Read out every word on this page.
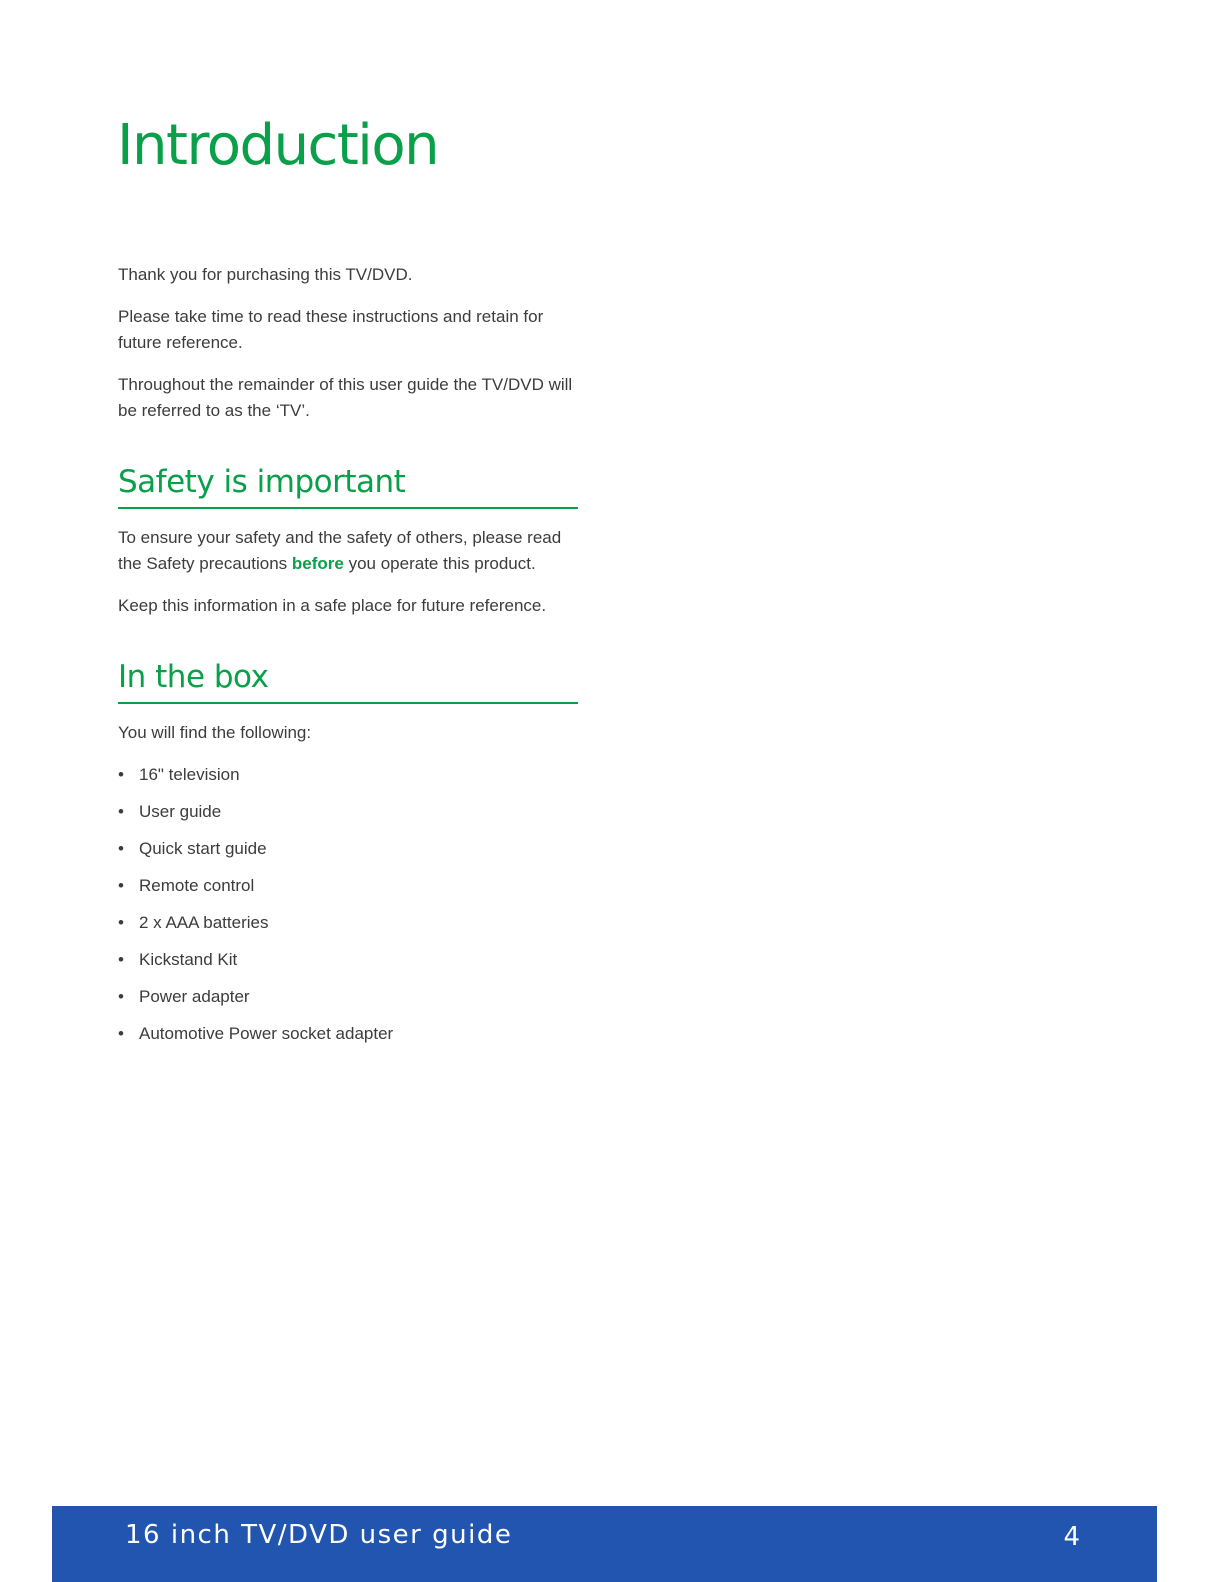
Introduction

Thank you for purchasing this TV/DVD.

Please take time to read these instructions and retain for future reference.

Throughout the remainder of this user guide the TV/DVD will be referred to as the ‘TV’.

Safety is important

To ensure your safety and the safety of others, please read the Safety precautions before you operate this product.

Keep this information in a safe place for future reference.

In the box

You will find the following:

• 16" television
• User guide
• Quick start guide
• Remote control
• 2 x AAA batteries
• Kickstand Kit
• Power adapter
• Automotive Power socket adapter
16 inch TV/DVD user guide	4
